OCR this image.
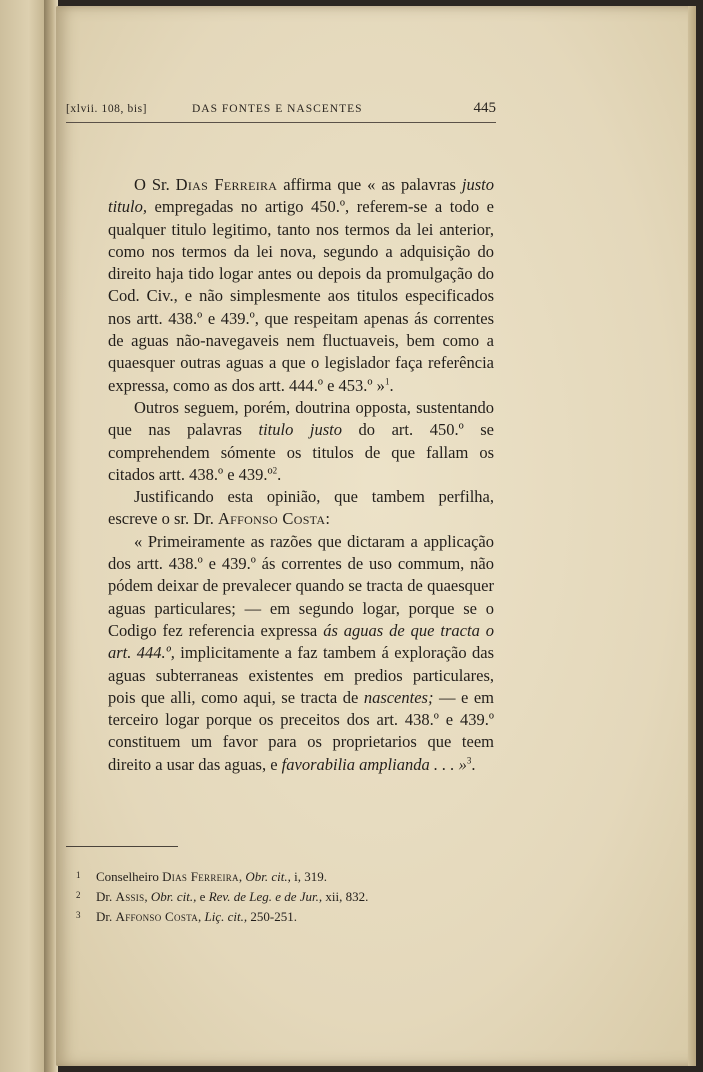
[xlvii. 108, bis]	DAS FONTES E NASCENTES	445

O Sr. Dias Ferreira affirma que « as palavras justo titulo, empregadas no artigo 450.º, referem-se a todo e qualquer titulo legitimo, tanto nos termos da lei anterior, como nos termos da lei nova, segundo a adquisição do direito haja tido logar antes ou depois da promulgação do Cod. Civ., e não simplesmente aos titulos especificados nos artt. 438.º e 439.º, que respeitam apenas ás correntes de aguas não-navegaveis nem fluctuaveis, bem como a quaesquer outras aguas a que o legislador faça referência expressa, como as dos artt. 444.º e 453.º »$^1$.

Outros seguem, porém, doutrina opposta, sustentando que nas palavras titulo justo do art. 450.º se comprehendem sómente os titulos de que fallam os citados artt. 438.º e 439.º$^2$.

Justificando esta opinião, que tambem perfilha, escreve o sr. Dr. Affonso Costa:

« Primeiramente as razões que dictaram a applicação dos artt. 438.º e 439.º ás correntes de uso commum, não pódem deixar de prevalecer quando se tracta de quaesquer aguas particulares; — em segundo logar, porque se o Codigo fez referencia expressa ás aguas de que tracta o art. 444.º, implicitamente a faz tambem á exploração das aguas subterraneas existentes em predios particulares, pois que alli, como aqui, se tracta de nascentes; — e em terceiro logar porque os preceitos dos art. 438.º e 439.º constituem um favor para os proprietarios que teem direito a usar das aguas, e favorabilia amplianda . . . »$^3$.

1 Conselheiro Dias Ferreira, Obr. cit., i, 319.
2 Dr. Assis, Obr. cit., e Rev. de Leg. e de Jur., xii, 832.
3 Dr. Affonso Costa, Liç. cit., 250-251.
